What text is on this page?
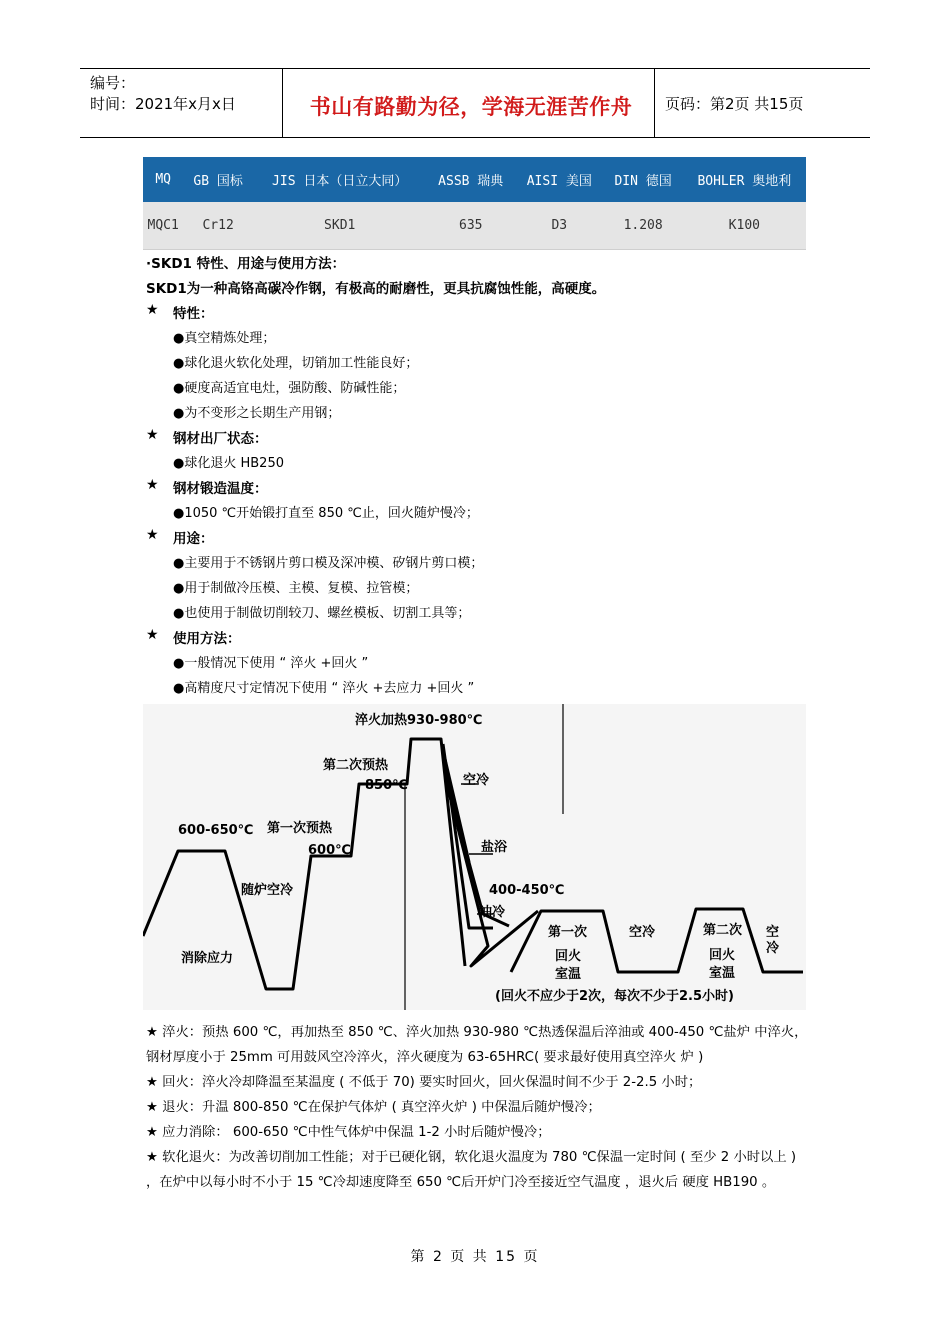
编号：
时间：2021年x月x日	书山有路勤为径，学海无涯苦作舟	页码：第2页 共15页
MQ	GB 国标	JIS 日本（日立大同）	ASSB 瑞典	AISI 美国	DIN 德国	BOHLER 奥地利
MQC1	Cr12	SKD1	635	D3	1.208	K100
·SKD1 特性、用途与使用方法：
SKD1为一种高铬高碳冷作钢，有极高的耐磨性，更具抗腐蚀性能，高硬度。
★ 特性：
●真空精炼处理；
●球化退火软化处理，切销加工性能良好；
●硬度高适宜电灶，强防酸、防碱性能；
●为不变形之长期生产用钢；
★ 钢材出厂状态：
●球化退火 HB250
★ 钢材锻造温度：
●1050 ℃开始锻打直至 850 ℃止，回火随炉慢冷；
★ 用途：
●主要用于不锈钢片剪口模及深冲模、矽钢片剪口模；
●用于制做冷压模、主模、复模、拉管模；
●也使用于制做切削较刀、螺丝模板、切割工具等；
★ 使用方法：
●一般情况下使用 “ 淬火 +回火 ”
●高精度尺寸定情况下使用 “ 淬火 +去应力 +回火 ”
淬火加热930-980℃
第二次预热
850℃
600-650℃ 第一次预热
600℃
随炉空冷
消除应力
空冷
盐浴
400-450℃
油冷
第一次
回火
室温
空冷	第二次
回火
室温
空
冷
(回火不应少于2次，每次不少于2.5小时)

★ 淬火：预热 600 ℃，再加热至 850 ℃、淬火加热 930-980 ℃热透保温后淬油或 400-450 ℃盐炉 中淬火，钢材厚度小于 25mm 可用鼓风空冷淬火，淬火硬度为 63-65HRC( 要求最好使用真空淬火 炉 )

★ 回火：淬火冷却降温至某温度 ( 不低于 70) 要实时回火，回火保温时间不少于 2-2.5 小时；

★ 退火：升温 800-850 ℃在保护气体炉 ( 真空淬火炉 ) 中保温后随炉慢冷；

★ 应力消除： 600-650 ℃中性气体炉中保温 1-2 小时后随炉慢冷；

★ 软化退火：为改善切削加工性能；对于已硬化钢，软化退火温度为 780 ℃保温一定时间 ( 至少 2 小时以上 ) ，在炉中以每小时不小于 15 ℃冷却速度降至 650 ℃后开炉门冷至接近空气温度 ，退火后 硬度 HB190 。

第 2 页 共 15 页
